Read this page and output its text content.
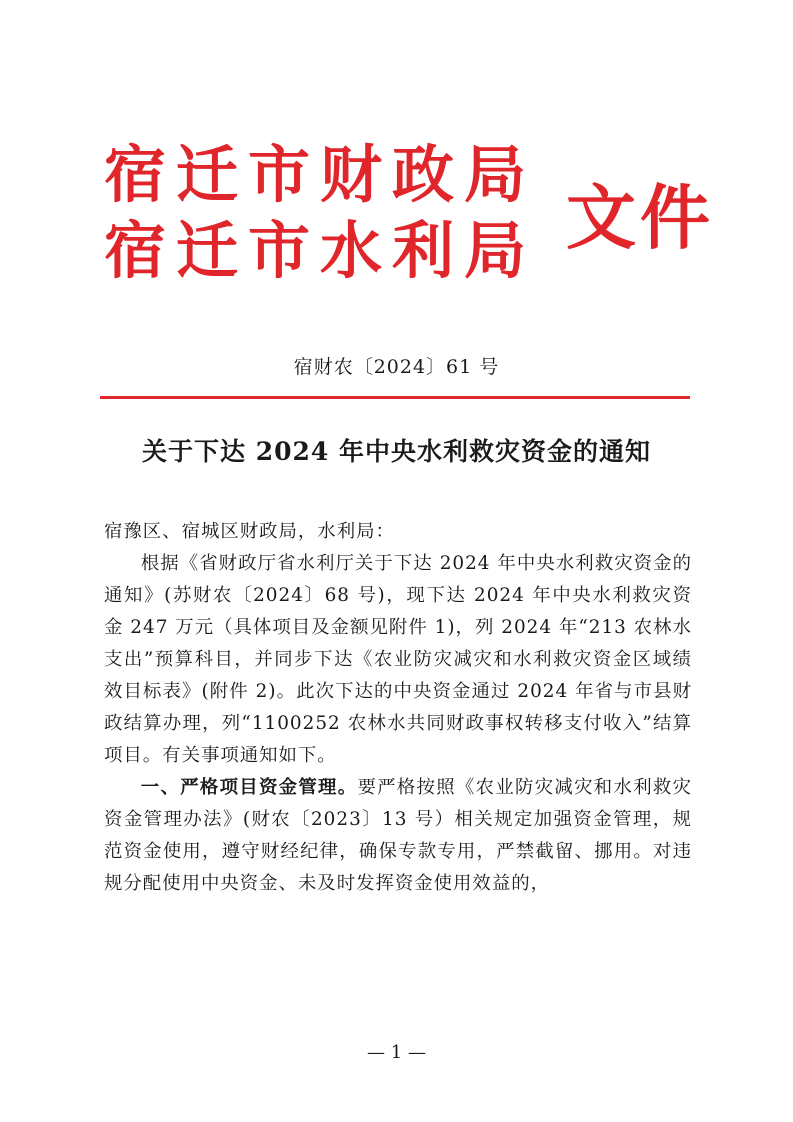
宿迁市财政局
宿迁市水利局 文件
宿财农〔2024〕61 号
关于下达 2024 年中央水利救灾资金的通知

宿豫区、宿城区财政局，水利局：

根据《省财政厅省水利厅关于下达 2024 年中央水利救灾资金的通知》(苏财农〔2024〕68 号)，现下达 2024 年中央水利救灾资金 247 万元（具体项目及金额见附件 1)，列 2024 年“213 农林水支出”预算科目，并同步下达《农业防灾减灾和水利救灾资金区域绩效目标表》(附件 2)。此次下达的中央资金通过 2024 年省与市县财政结算办理，列“1100252 农林水共同财政事权转移支付收入”结算项目。有关事项通知如下。

一、严格项目资金管理。要严格按照《农业防灾减灾和水利救灾资金管理办法》(财农〔2023〕13 号）相关规定加强资金管理，规范资金使用，遵守财经纪律，确保专款专用，严禁截留、挪用。对违规分配使用中央资金、未及时发挥资金使用效益的，

— 1 —
